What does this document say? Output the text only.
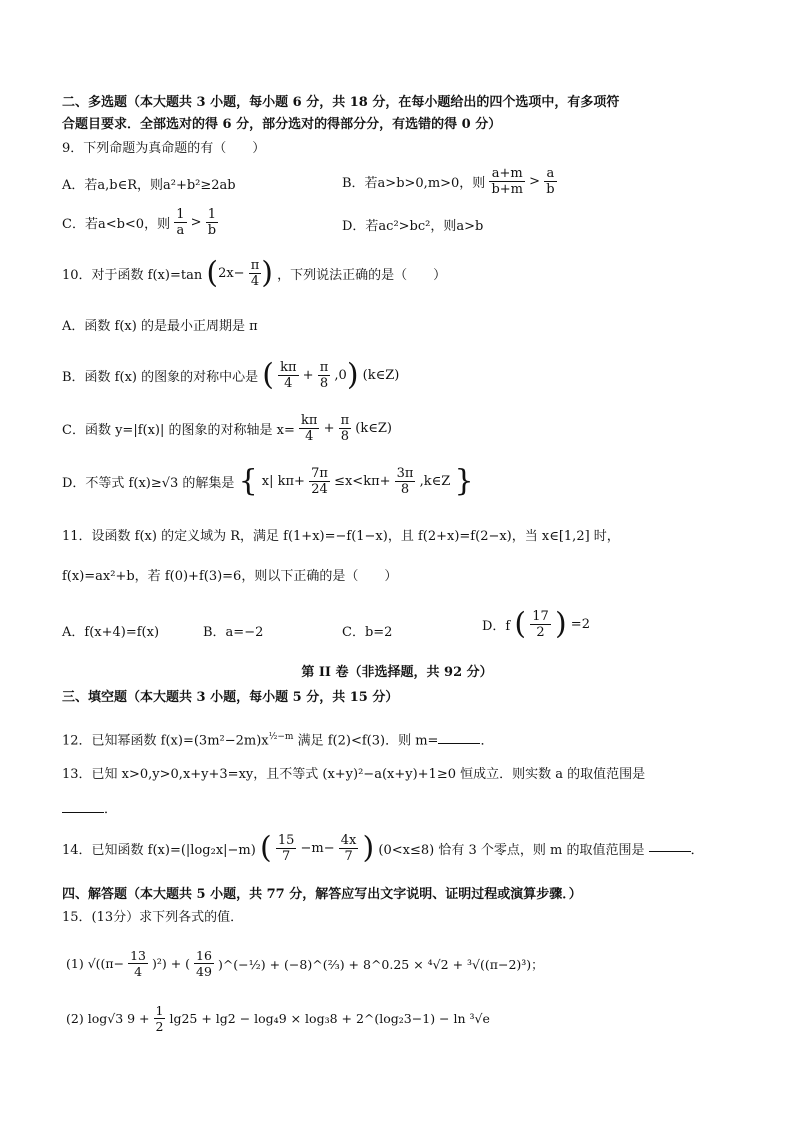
二、多选题（本大题共 3 小题，每小题 6 分，共 18 分，在每小题给出的四个选项中，有多项符
合题目要求．全部选对的得 6 分，部分选对的得部分分，有选错的得 0 分）
9．下列命题为真命题的有（　　）
A．若a,b∈R，则a²+b²≥2ab	B．若a>b>0,m>0，则 $\frac{a+m}{b+m} > \frac{a}{b}$
C．若a<b<0，则 $\frac{1}{a} > \frac{1}{b}$	D．若ac²>bc²，则a>b
10．对于函数 f(x)=tan ($2x- \frac{\pi}{4}$ ) ，下列说法正确的是（　　）
A．函数 f(x) 的是最小正周期是 π
B．函数 f(x) 的图象的对称中心是 ( $\frac{k\pi}{4} + \frac{\pi}{8} ,0$) (k∈Z)
C．函数 y=|f(x)| 的图象的对称轴是 $x= \frac{k\pi}{4} + \frac{\pi}{8}$ (k∈Z)
D．不等式 f(x)≥√3 的解集是 { x| $k\pi+ \frac{7\pi}{24} \le x<k\pi+ \frac{3\pi}{8}$ ,k∈Z }
11．设函数 f(x) 的定义域为 R，满足 f(1+x)=−f(1−x)，且 f(2+x)=f(2−x)，当 x∈[1,2] 时，
f(x)=ax²+b，若 f(0)+f(3)=6，则以下正确的是（　　）
A．f(x+4)=f(x)	B．a=−2	C．b=2	D．f ( $\frac{17}{2}$ ) =2
第 II 卷（非选择题，共 92 分）
三、填空题（本大题共 3 小题，每小题 5 分，共 15 分）
12．已知幂函数 $f(x)=(3m^2-2m)x^{\frac{1}{2}-m}$ 满足 f(2)<f(3)．则 m=	．
13．已知 x>0,y>0,x+y+3=xy，且不等式 (x+y)²−a(x+y)+1≥0 恒成立．则实数 a 的取值范围是
．
14．已知函数 f(x)=(|log₂x|−m) ( $\frac{15}{7} -m- \frac{4x}{7}$ ) (0<x≤8) 恰有 3 个零点，则 m 的取值范围是	．
四、解答题（本大题共 5 小题，共 77 分，解答应写出文字说明、证明过程或演算步骤．）
15．(13分）求下列各式的值．
(1) $√((\pi- \frac{13}{4} )^2)$ + ( $\frac{16}{49}$ )^(−½) + (−8)^(⅔) + 8^0.25 × ⁴√2 + ³√((π−2)³)；
(2) log√3 $9 + \frac{1}{2} \lg 25 + \lg 2 - \log_49 \times \log_38$ + 2^(log₂3−1) − ln ³√e
